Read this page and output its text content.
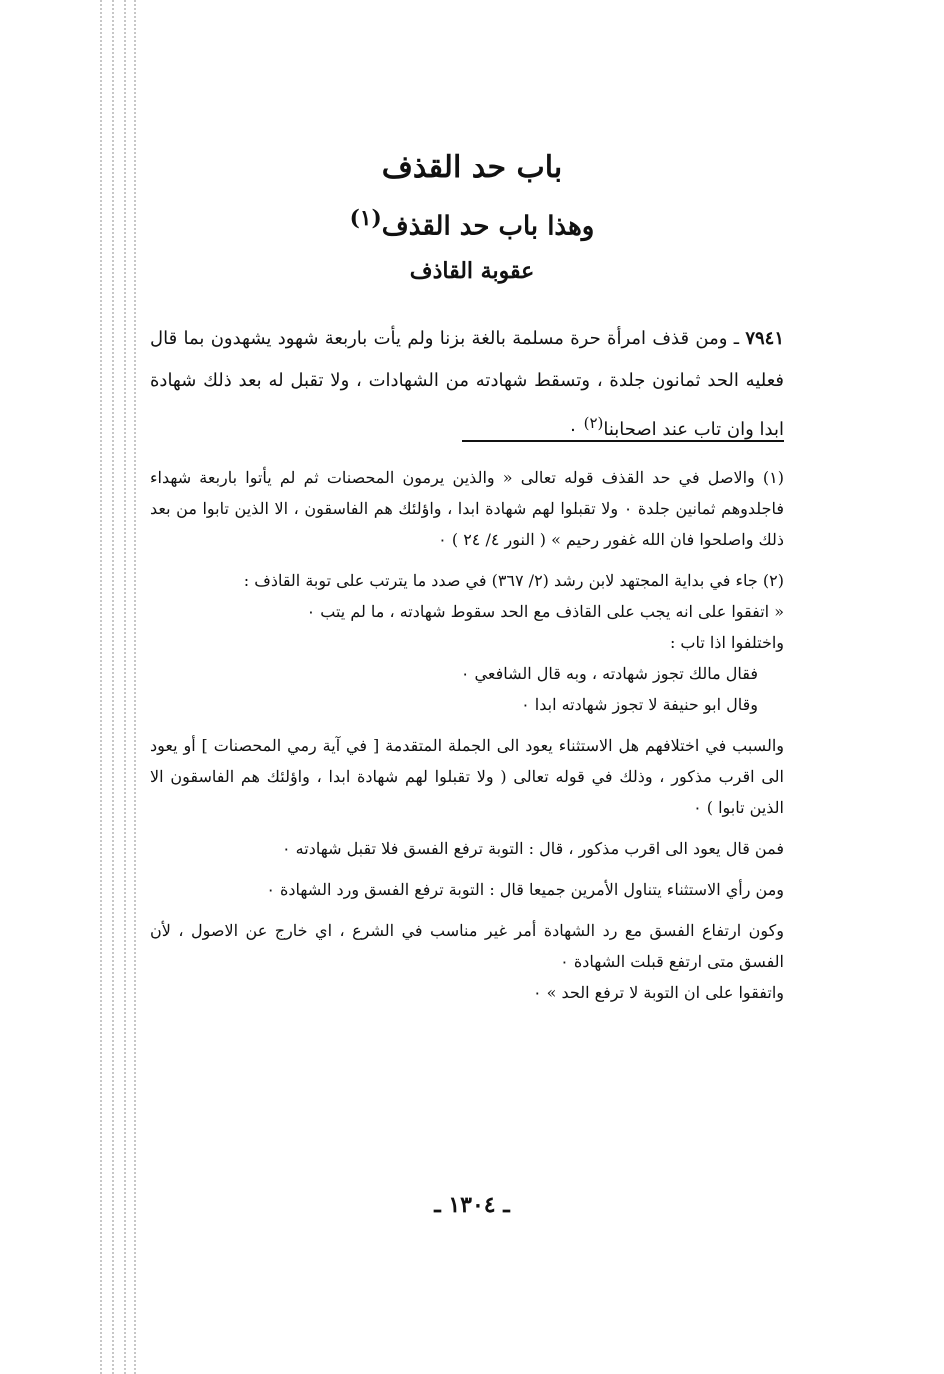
باب حد القذف
وهذا باب حد القذف$^{(١)}$
عقوبة القاذف

٧٩٤١ ـ ومن قذف امرأة حرة مسلمة بالغة بزنا ولم يأت باربعة شهود يشهدون بما قال فعليه الحد ثمانون جلدة ، وتسقط شهادته من الشهادات ، ولا تقبل له بعد ذلك شهادة ابدا وان تاب عند اصحابنا$^{(٢)}$ ٠

(١) والاصل في حد القذف قوله تعالى « والذين يرمون المحصنات ثم لم يأتوا باربعة شهداء فاجلدوهم ثمانين جلدة ٠ ولا تقبلوا لهم شهادة ابدا ، واؤلئك هم الفاسقون ، الا الذين تابوا من بعد ذلك واصلحوا فان الله غفور رحيم » ( النور ٤/ ٢٤ ) ٠

(٢) جاء في بداية المجتهد لابن رشد (٢/ ٣٦٧) في صدد ما يترتب على توبة القاذف :

« اتفقوا على انه يجب على القاذف مع الحد سقوط شهادته ، ما لم يتب ٠

واختلفوا اذا تاب :

فقال مالك تجوز شهادته ، وبه قال الشافعي ٠

وقال ابو حنيفة لا تجوز شهادته ابدا ٠

والسبب في اختلافهم هل الاستثناء يعود الى الجملة المتقدمة [ في آية رمي المحصنات ] أو يعود الى اقرب مذكور ، وذلك في قوله تعالى ( ولا تقبلوا لهم شهادة ابدا ، واؤلئك هم الفاسقون الا الذين تابوا ) ٠

فمن قال يعود الى اقرب مذكور ، قال : التوبة ترفع الفسق فلا تقبل شهادته ٠

ومن رأي الاستثناء يتناول الأمرين جميعا قال : التوبة ترفع الفسق ورد الشهادة ٠

وكون ارتفاع الفسق مع رد الشهادة أمر غير مناسب في الشرع ، اي خارج عن الاصول ، لأن الفسق متى ارتفع قبلت الشهادة ٠

واتفقوا على ان التوبة لا ترفع الحد » ٠

ـ ١٣٠٤ ـ
